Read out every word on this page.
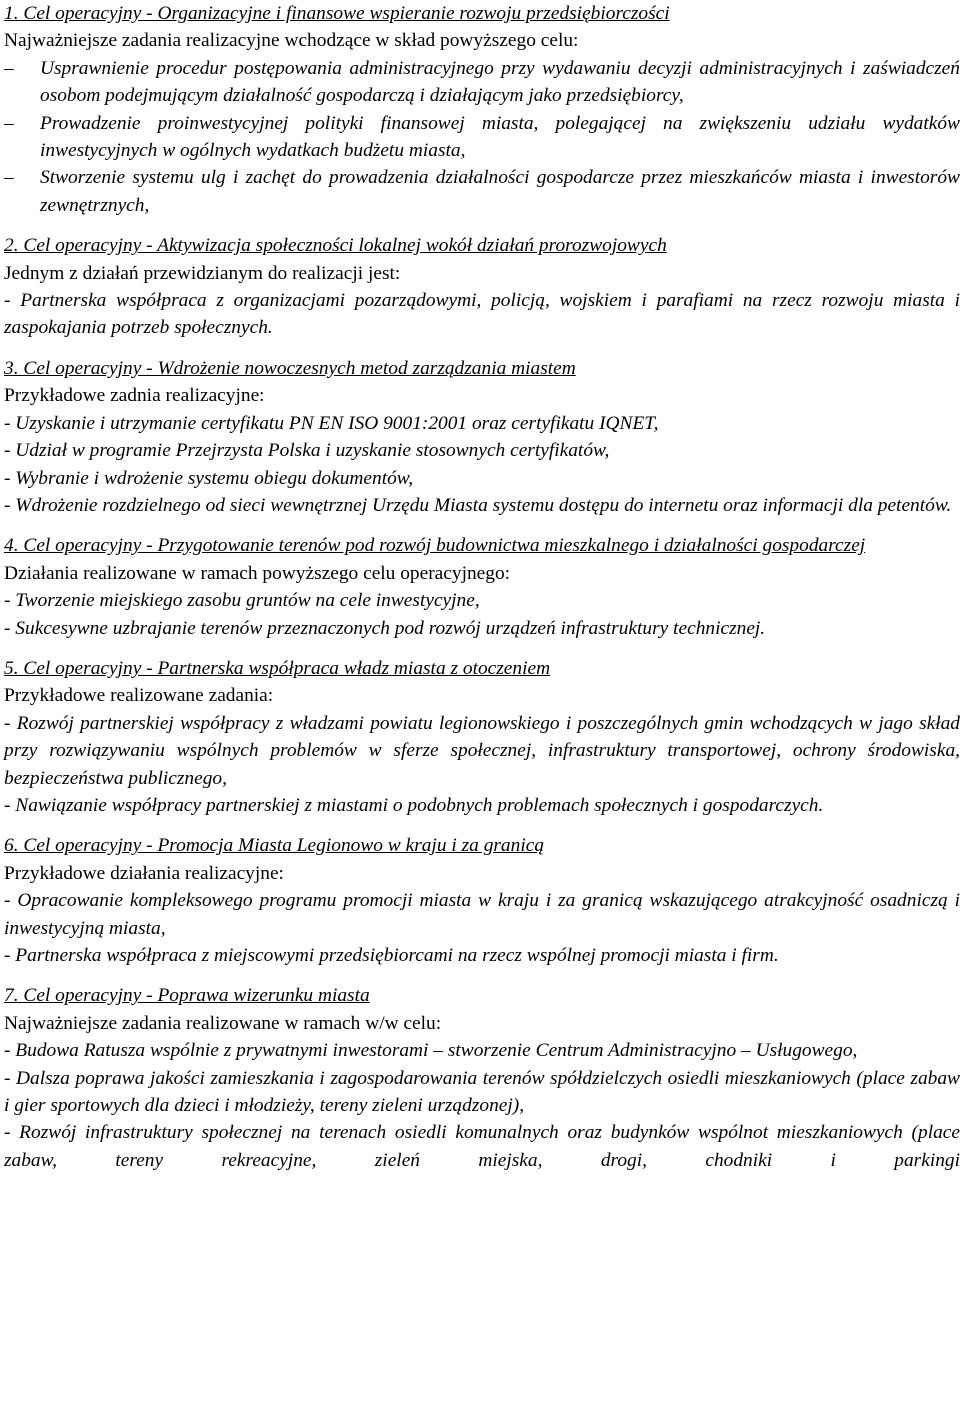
1. Cel operacyjny - Organizacyjne i finansowe wspieranie rozwoju przedsiębiorczości
Najważniejsze zadania realizacyjne wchodzące w skład powyższego celu:
– Usprawnienie procedur postępowania administracyjnego przy wydawaniu decyzji administracyjnych i zaświadczeń osobom podejmującym działalność gospodarczą i działającym jako przedsiębiorcy,
– Prowadzenie proinwestycyjnej polityki finansowej miasta, polegającej na zwiększeniu udziału wydatków inwestycyjnych w ogólnych wydatkach budżetu miasta,
– Stworzenie systemu ulg i zachęt do prowadzenia działalności gospodarcze przez mieszkańców miasta i inwestorów zewnętrznych,
2. Cel operacyjny - Aktywizacja społeczności lokalnej wokół działań prorozwojowych
Jednym z działań przewidzianym do realizacji jest:
- Partnerska współpraca z organizacjami pozarządowymi, policją, wojskiem i parafiami na rzecz rozwoju miasta i zaspokajania potrzeb społecznych.
3. Cel operacyjny - Wdrożenie nowoczesnych metod zarządzania miastem
Przykładowe zadnia realizacyjne:
- Uzyskanie i utrzymanie certyfikatu PN EN ISO 9001:2001 oraz certyfikatu IQNET,
- Udział w programie Przejrzysta Polska i uzyskanie stosownych certyfikatów,
- Wybranie i wdrożenie systemu obiegu dokumentów,
- Wdrożenie rozdzielnego od sieci wewnętrznej Urzędu Miasta systemu dostępu do internetu oraz informacji dla petentów.
4. Cel operacyjny - Przygotowanie terenów pod rozwój budownictwa mieszkalnego i działalności gospodarczej
Działania realizowane w ramach powyższego celu operacyjnego:
- Tworzenie miejskiego zasobu gruntów na cele inwestycyjne,
- Sukcesywne uzbrajanie terenów przeznaczonych pod rozwój urządzeń infrastruktury technicznej.
5. Cel operacyjny - Partnerska współpraca władz miasta z otoczeniem
Przykładowe realizowane zadania:
- Rozwój partnerskiej współpracy z władzami powiatu legionowskiego i poszczególnych gmin wchodzących w jago skład przy rozwiązywaniu wspólnych problemów w sferze społecznej, infrastruktury transportowej, ochrony środowiska, bezpieczeństwa publicznego,
- Nawiązanie współpracy partnerskiej z miastami o podobnych problemach społecznych i gospodarczych.
6. Cel operacyjny - Promocja Miasta Legionowo w kraju i za granicą
Przykładowe działania realizacyjne:
- Opracowanie kompleksowego programu promocji miasta w kraju i za granicą wskazującego atrakcyjność osadniczą i inwestycyjną miasta,
- Partnerska współpraca z miejscowymi przedsiębiorcami na rzecz wspólnej promocji miasta i firm.
7. Cel operacyjny - Poprawa wizerunku miasta
Najważniejsze zadania realizowane w ramach w/w celu:
- Budowa Ratusza wspólnie z prywatnymi inwestorami – stworzenie Centrum Administracyjno – Usługowego,
- Dalsza poprawa jakości zamieszkania i zagospodarowania terenów spółdzielczych osiedli mieszkaniowych (place zabaw i gier sportowych dla dzieci i młodzieży, tereny zieleni urządzonej),
- Rozwój infrastruktury społecznej na terenach osiedli komunalnych oraz budynków wspólnot mieszkaniowych (place zabaw, tereny rekreacyjne, zieleń miejska, drogi, chodniki i parkingi
